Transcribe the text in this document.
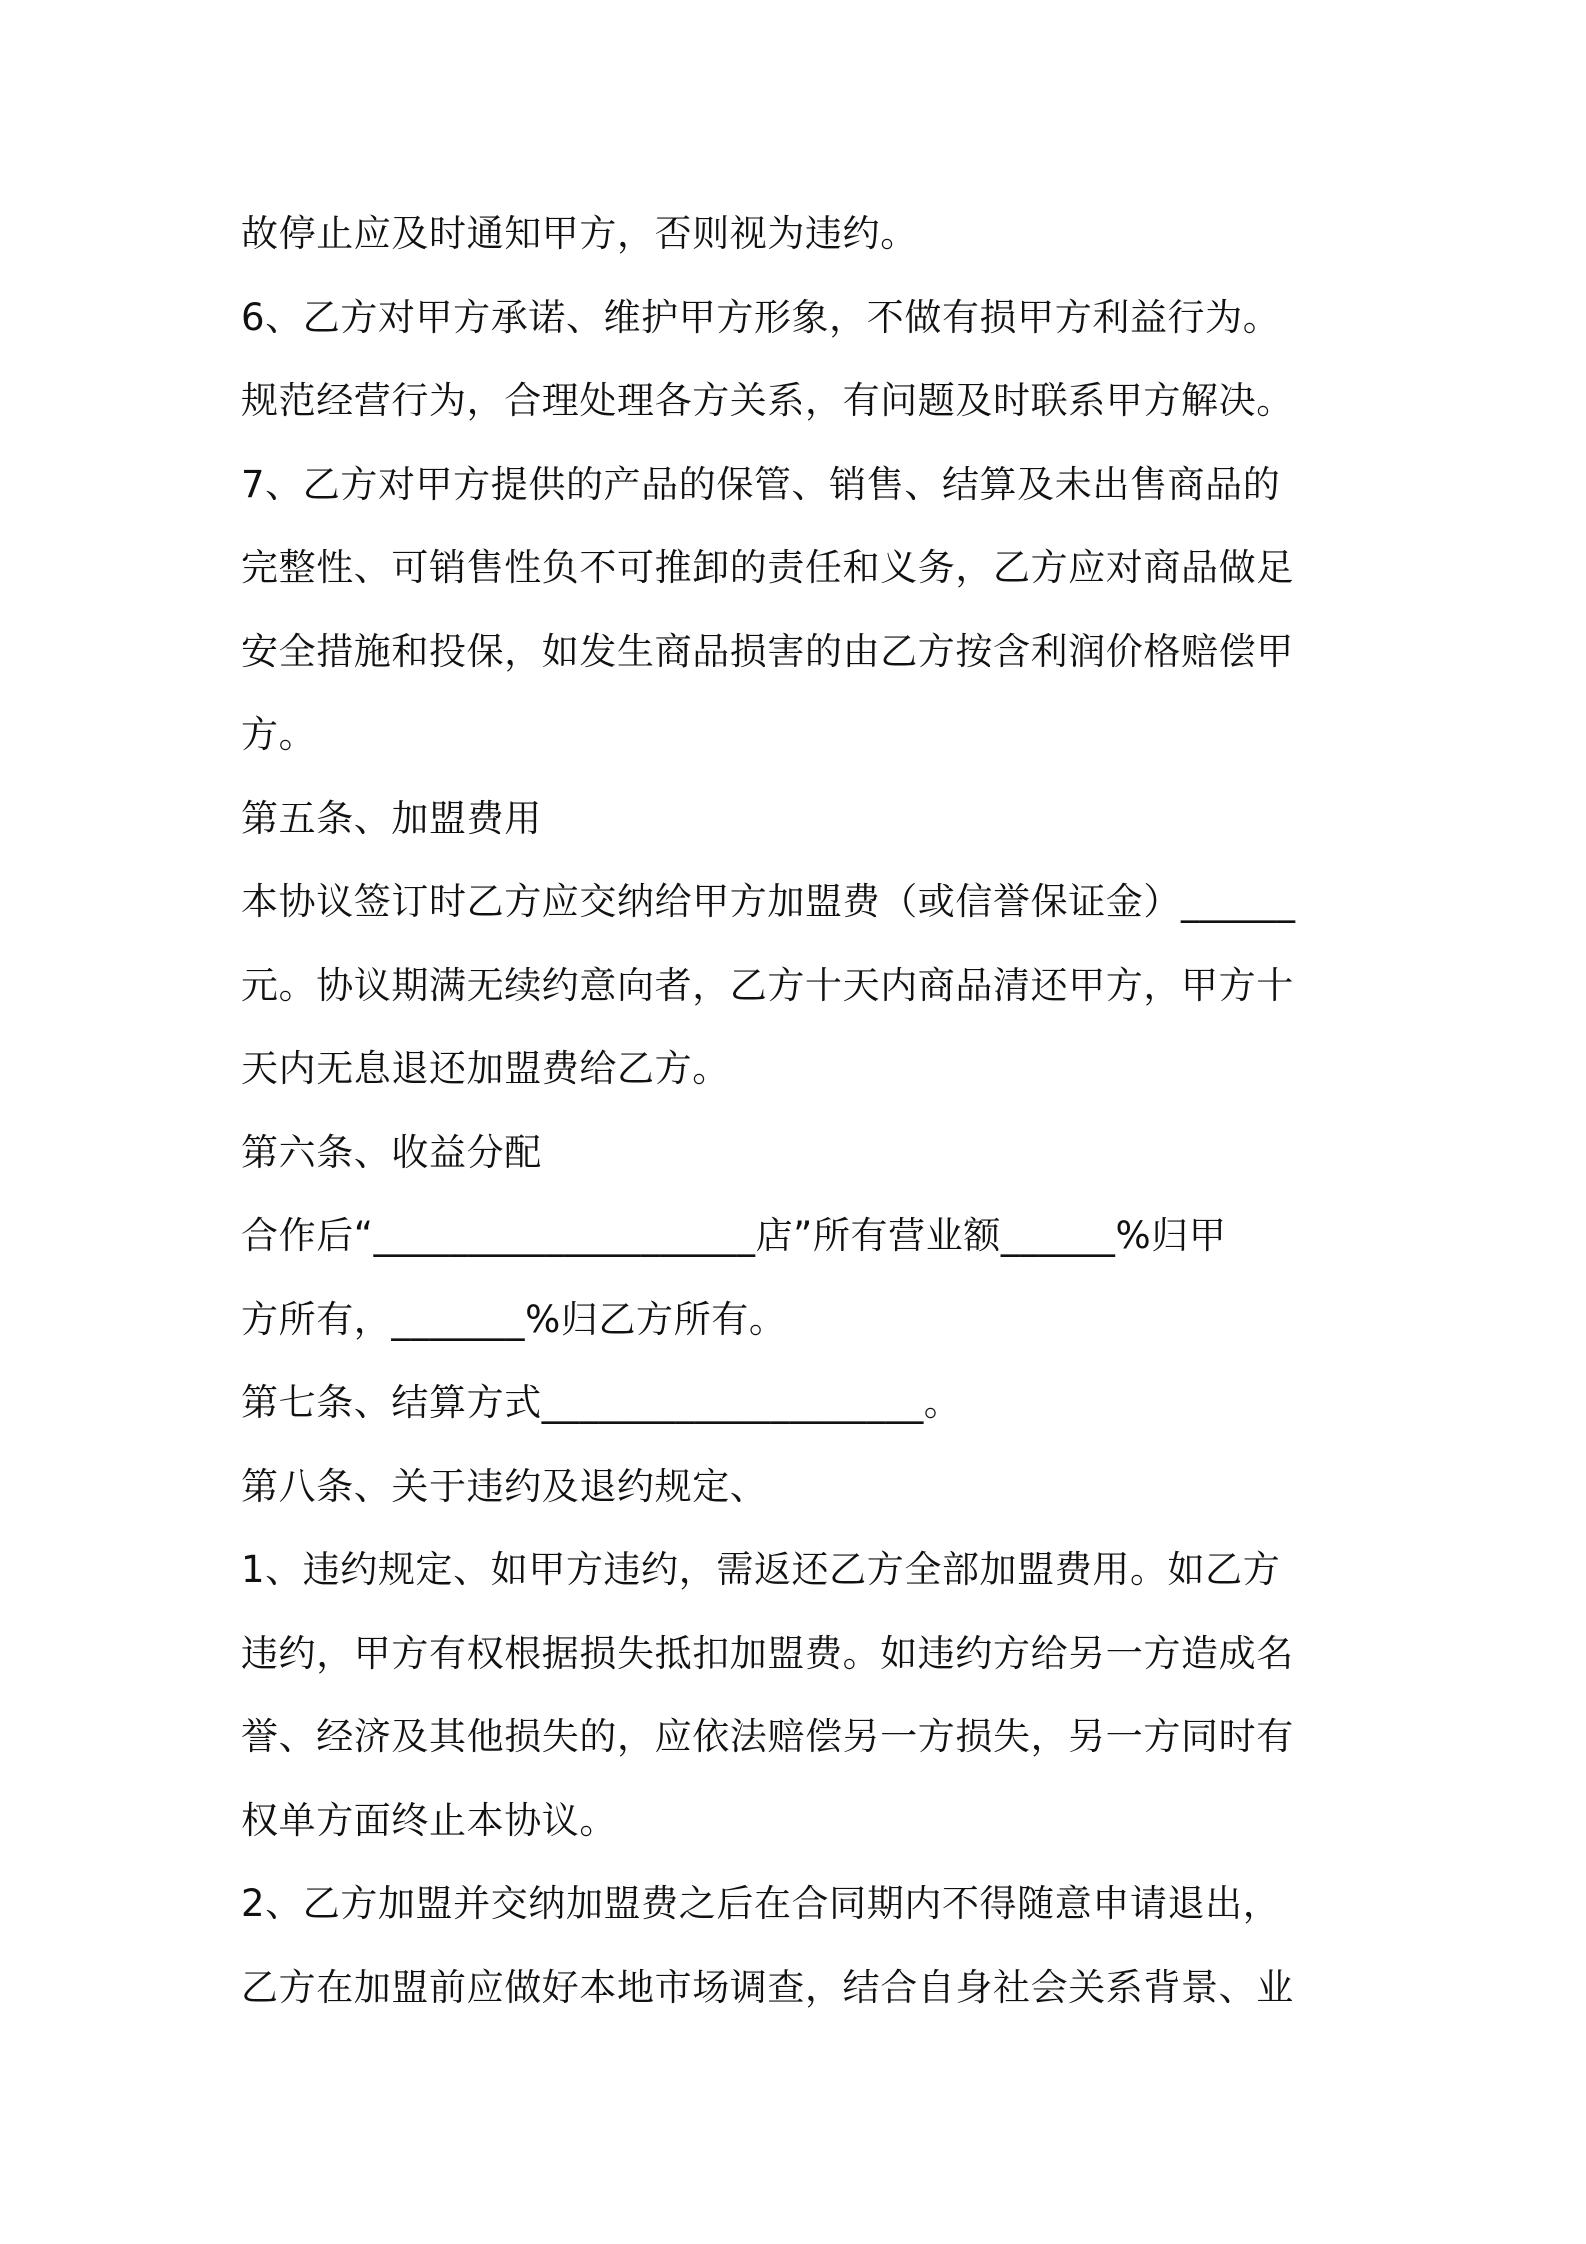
故停止应及时通知甲方，否则视为违约。
6、乙方对甲方承诺、维护甲方形象，不做有损甲方利益行为。
规范经营行为，合理处理各方关系，有问题及时联系甲方解决。
7、乙方对甲方提供的产品的保管、销售、结算及未出售商品的
完整性、可销售性负不可推卸的责任和义务，乙方应对商品做足
安全措施和投保，如发生商品损害的由乙方按含利润价格赔偿甲
方。
第五条、加盟费用
本协议签订时乙方应交纳给甲方加盟费（或信誉保证金）______
元。协议期满无续约意向者，乙方十天内商品清还甲方，甲方十
天内无息退还加盟费给乙方。
第六条、收益分配
合作后“____________________店”所有营业额______%归甲
方所有，_______%归乙方所有。
第七条、结算方式____________________。
第八条、关于违约及退约规定、
1、违约规定、如甲方违约，需返还乙方全部加盟费用。如乙方
违约，甲方有权根据损失抵扣加盟费。如违约方给另一方造成名
誉、经济及其他损失的，应依法赔偿另一方损失，另一方同时有
权单方面终止本协议。
2、乙方加盟并交纳加盟费之后在合同期内不得随意申请退出，
乙方在加盟前应做好本地市场调查，结合自身社会关系背景、业
